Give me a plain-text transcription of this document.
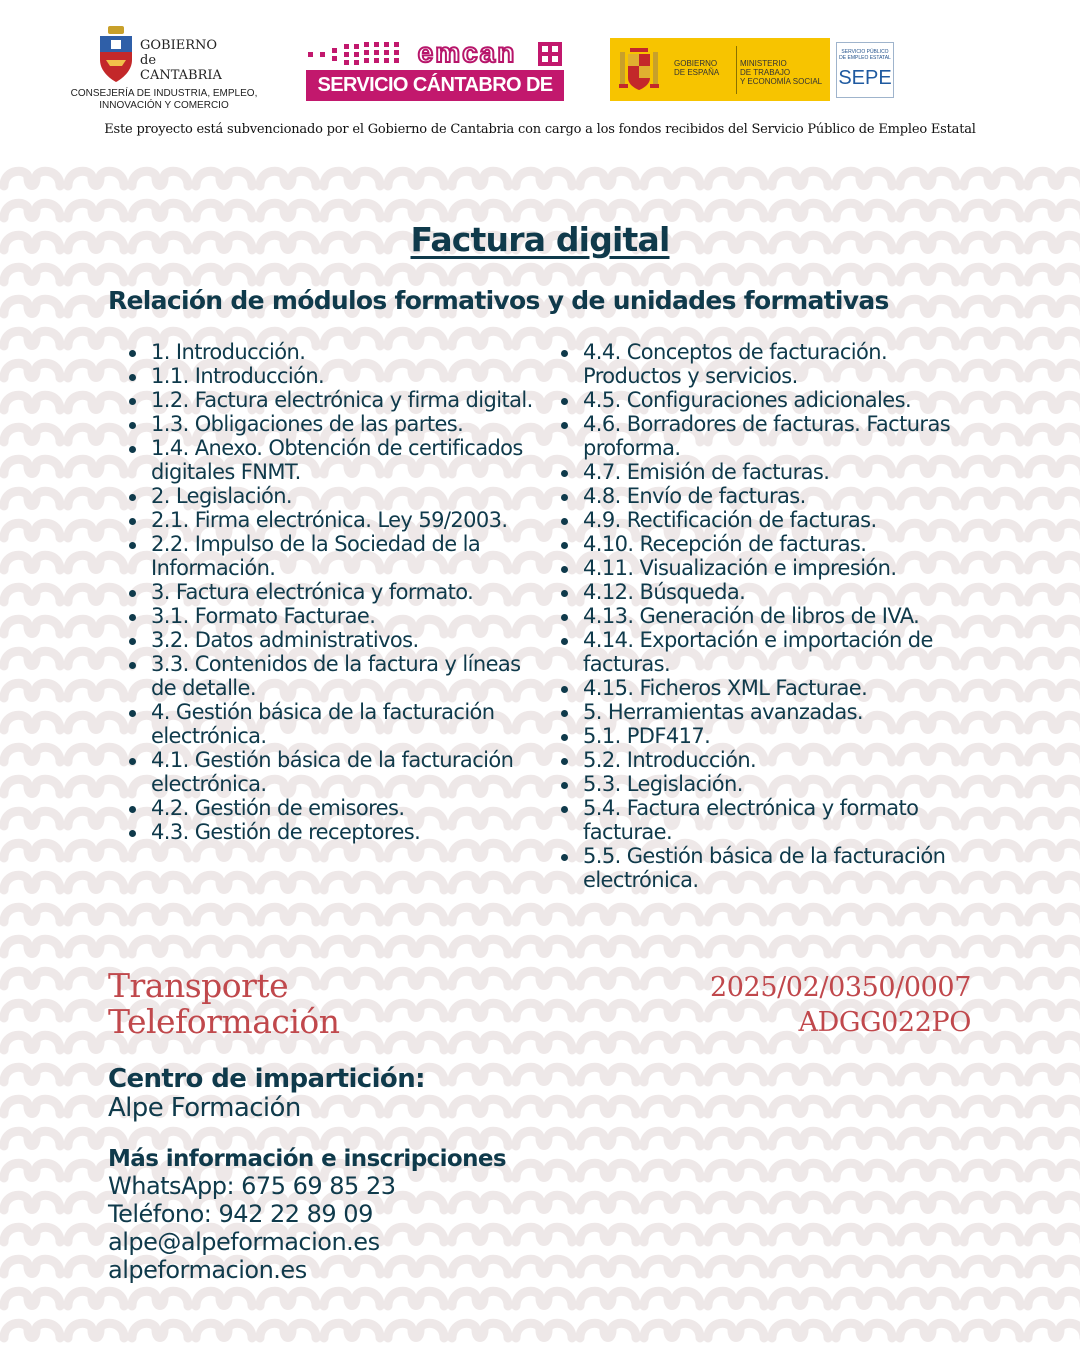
GOBIERNO
de
CANTABRIA
CONSEJERÍA DE INDUSTRIA, EMPLEO,
INNOVACIÓN Y COMERCIO
emcan
SERVICIO CÁNTABRO DE EMPLEO
GOBIERNO
DE ESPAÑA
MINISTERIO
DE TRABAJO
Y ECONOMÍA SOCIAL
SERVICIO PÚBLICO
DE EMPLEO ESTATAL
SEPE
Este proyecto está subvencionado por el Gobierno de Cantabria con cargo a los fondos recibidos del Servicio Público de Empleo Estatal
Factura digital
Relación de módulos formativos y de unidades formativas
1. Introducción.
1.1. Introducción.
1.2. Factura electrónica y firma digital.
1.3. Obligaciones de las partes.
1.4. Anexo. Obtención de certificados digitales FNMT.
2. Legislación.
2.1. Firma electrónica. Ley 59/2003.
2.2. Impulso de la Sociedad de la Información.
3. Factura electrónica y formato.
3.1. Formato Facturae.
3.2. Datos administrativos.
3.3. Contenidos de la factura y líneas de detalle.
4. Gestión básica de la facturación electrónica.
4.1. Gestión básica de la facturación electrónica.
4.2. Gestión de emisores.
4.3. Gestión de receptores.
4.4. Conceptos de facturación. Productos y servicios.
4.5. Configuraciones adicionales.
4.6. Borradores de facturas. Facturas proforma.
4.7. Emisión de facturas.
4.8. Envío de facturas.
4.9. Rectificación de facturas.
4.10. Recepción de facturas.
4.11. Visualización e impresión.
4.12. Búsqueda.
4.13. Generación de libros de IVA.
4.14. Exportación e importación de facturas.
4.15. Ficheros XML Facturae.
5. Herramientas avanzadas.
5.1. PDF417.
5.2. Introducción.
5.3. Legislación.
5.4. Factura electrónica y formato facturae.
5.5. Gestión básica de la facturación electrónica.
Transporte
Teleformación
2025/02/0350/0007
ADGG022PO
Centro de impartición:
Alpe Formación
Más información e inscripciones
WhatsApp: 675 69 85 23
Teléfono: 942 22 89 09
alpe@alpeformacion.es
alpeformacion.es
